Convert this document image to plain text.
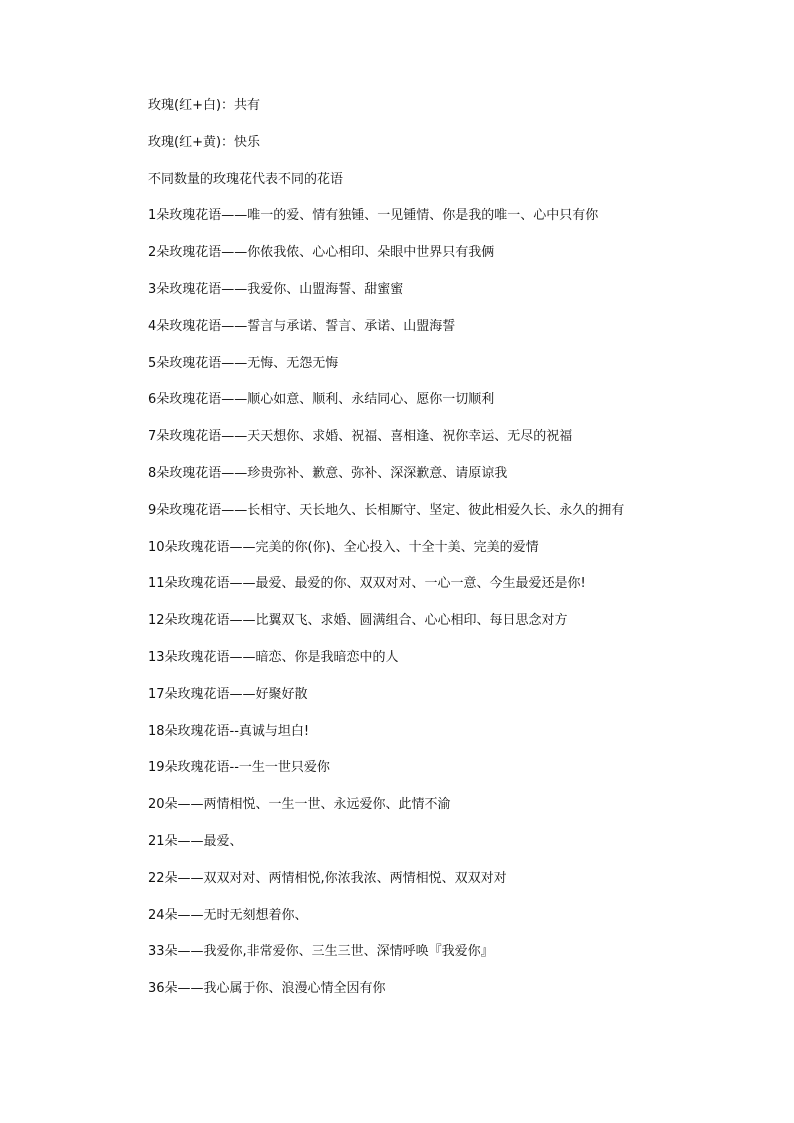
玫瑰(红+白)：共有
玫瑰(红+黄)：快乐
不同数量的玫瑰花代表不同的花语
1朵玫瑰花语——唯一的爱、情有独锺、一见锺情、你是我的唯一、心中只有你
2朵玫瑰花语——你侬我侬、心心相印、朵眼中世界只有我俩
3朵玫瑰花语——我爱你、山盟海誓、甜蜜蜜
4朵玫瑰花语——誓言与承诺、誓言、承诺、山盟海誓
5朵玫瑰花语——无悔、无怨无悔
6朵玫瑰花语——顺心如意、顺利、永结同心、愿你一切顺利
7朵玫瑰花语——天天想你、求婚、祝福、喜相逢、祝你幸运、无尽的祝福
8朵玫瑰花语——珍贵弥补、歉意、弥补、深深歉意、请原谅我
9朵玫瑰花语——长相守、天长地久、长相厮守、坚定、彼此相爱久长、永久的拥有
10朵玫瑰花语——完美的你(你)、全心投入、十全十美、完美的爱情
11朵玫瑰花语——最爱、最爱的你、双双对对、一心一意、今生最爱还是你!
12朵玫瑰花语——比翼双飞、求婚、圆满组合、心心相印、每日思念对方
13朵玫瑰花语——暗恋、你是我暗恋中的人
17朵玫瑰花语——好聚好散
18朵玫瑰花语--真诚与坦白!
19朵玫瑰花语--一生一世只爱你
20朵——两情相悦、一生一世、永远爱你、此情不渝
21朵——最爱、
22朵——双双对对、两情相悦,你浓我浓、两情相悦、双双对对
24朵——无时无刻想着你、
33朵——我爱你,非常爱你、三生三世、深情呼唤『我爱你』
36朵——我心属于你、浪漫心情全因有你
